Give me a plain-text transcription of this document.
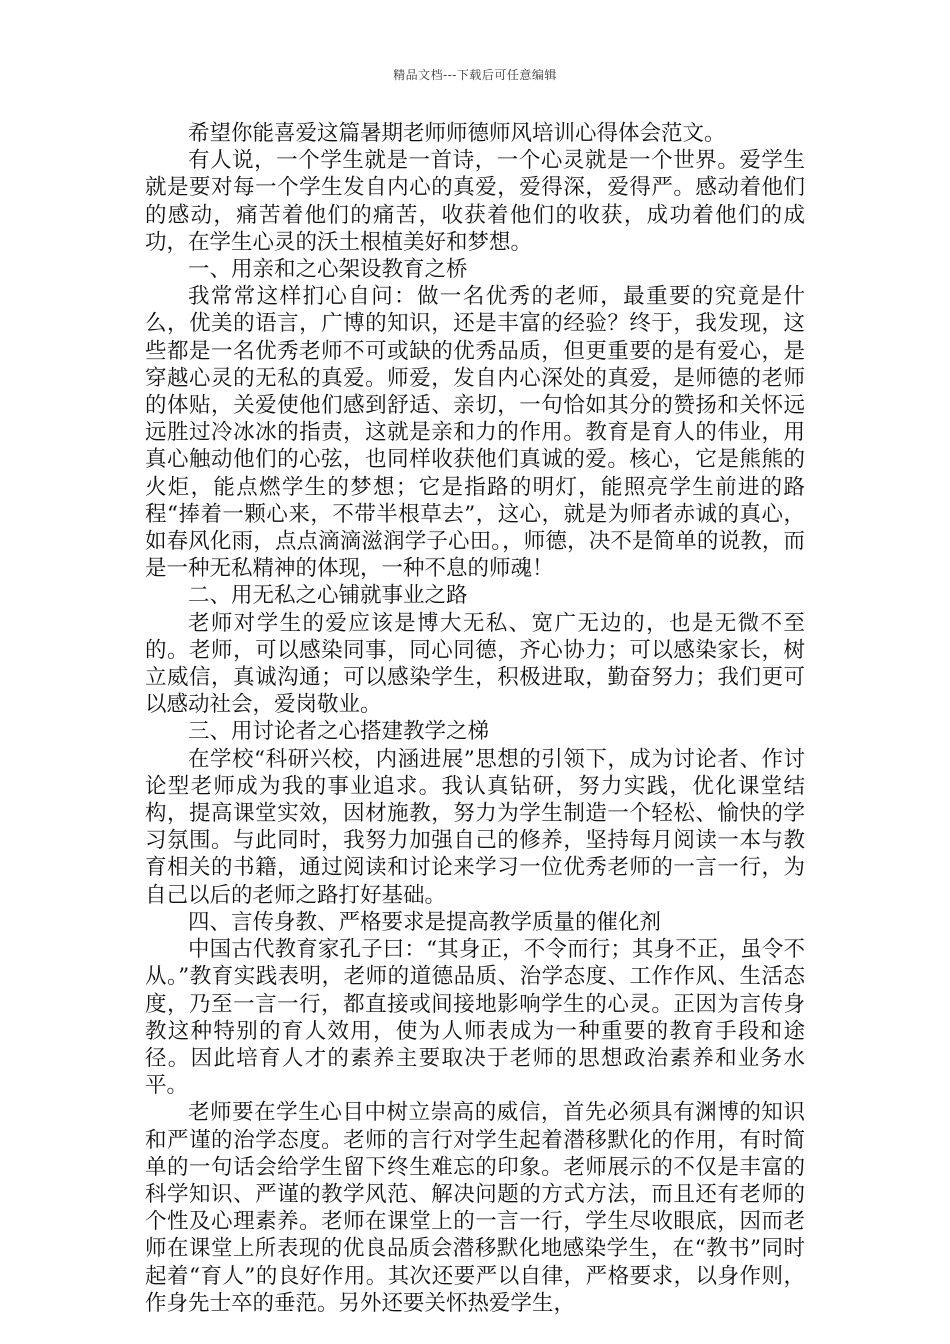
精品文档---下载后可任意编辑

希望你能喜爱这篇暑期老师师德师风培训心得体会范文。

有人说，一个学生就是一首诗，一个心灵就是一个世界。爱学生就是要对每一个学生发自内心的真爱，爱得深，爱得严。感动着他们的感动，痛苦着他们的痛苦，收获着他们的收获，成功着他们的成功，在学生心灵的沃土根植美好和梦想。

一、用亲和之心架设教育之桥

我常常这样扪心自问：做一名优秀的老师，最重要的究竟是什么，优美的语言，广博的知识，还是丰富的经验？终于，我发现，这些都是一名优秀老师不可或缺的优秀品质，但更重要的是有爱心，是穿越心灵的无私的真爱。师爱，发自内心深处的真爱，是师德的老师的体贴，关爱使他们感到舒适、亲切，一句恰如其分的赞扬和关怀远远胜过冷冰冰的指责，这就是亲和力的作用。教育是育人的伟业，用真心触动他们的心弦，也同样收获他们真诚的爱。核心，它是熊熊的火炬，能点燃学生的梦想；它是指路的明灯，能照亮学生前进的路程“捧着一颗心来，不带半根草去”，这心，就是为师者赤诚的真心，如春风化雨，点点滴滴滋润学子心田。，师德，决不是简单的说教，而是一种无私精神的体现，一种不息的师魂！

二、用无私之心铺就事业之路

老师对学生的爱应该是博大无私、宽广无边的，也是无微不至的。老师，可以感染同事，同心同德，齐心协力；可以感染家长，树立威信，真诚沟通；可以感染学生，积极进取，勤奋努力；我们更可以感动社会，爱岗敬业。

三、用讨论者之心搭建教学之梯

在学校“科研兴校，内涵进展”思想的引领下，成为讨论者、作讨论型老师成为我的事业追求。我认真钻研，努力实践，优化课堂结构，提高课堂实效，因材施教，努力为学生制造一个轻松、愉快的学习氛围。与此同时，我努力加强自己的修养，坚持每月阅读一本与教育相关的书籍，通过阅读和讨论来学习一位优秀老师的一言一行，为自己以后的老师之路打好基础。

四、言传身教、严格要求是提高教学质量的催化剂

中国古代教育家孔子曰：“其身正，不令而行；其身不正，虽令不从。”教育实践表明，老师的道德品质、治学态度、工作作风、生活态度，乃至一言一行，都直接或间接地影响学生的心灵。正因为言传身教这种特别的育人效用，使为人师表成为一种重要的教育手段和途径。因此培育人才的素养主要取决于老师的思想政治素养和业务水平。

老师要在学生心目中树立崇高的威信，首先必须具有渊博的知识和严谨的治学态度。老师的言行对学生起着潜移默化的作用，有时简单的一句话会给学生留下终生难忘的印象。老师展示的不仅是丰富的科学知识、严谨的教学风范、解决问题的方式方法，而且还有老师的个性及心理素养。老师在课堂上的一言一行，学生尽收眼底，因而老师在课堂上所表现的优良品质会潜移默化地感染学生，在“教书”同时起着“育人”的良好作用。其次还要严以自律，严格要求，以身作则，作身先士卒的垂范。另外还要关怀热爱学生，
